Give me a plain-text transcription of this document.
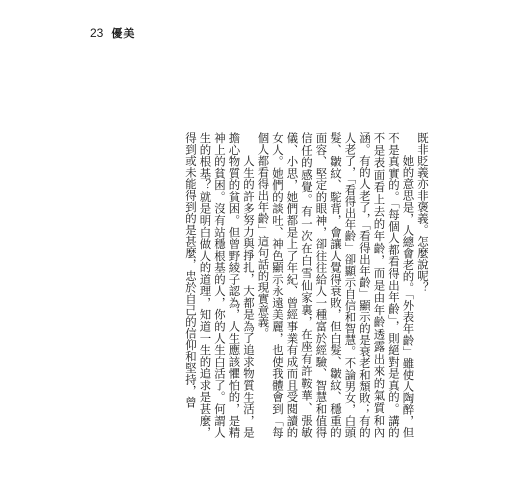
23 優美

既非貶義亦非褒義。怎麼說呢？

她的意思是，人總會老的。「外表年齡」雖使人陶醉，但不是真實的。「每個人都看得出年齡」，則絕對是真的。講的不是表面看上去的年齡，而是由年齡透露出來的氣質和內涵。有的人老了，「看得出年齡」顯示的是衰老和頹敗；有的人老了，「看得出年齡」卻顯示自信和智慧。不論男女，白頭髮、皺紋、駝背，會讓人覺得衰敗，但白髮、皺紋、穩重的面容、堅定的眼神，卻往往給人一種富於經驗、智慧和值得信任的感覺。有一次在白雪仙家裏，在座有許鞍華、張敏儀、小思，她們都是上了年紀、曾經事業有成而且受閱讀的女人。她們的談吐、神色顯示永遠美麗，也使我體會到「每個人都看得出年齡」這句話的現實意義。

人生的許多努力與掙扎，大都是為了追求物質生活，是擔心物質的貧困。但曾野綾子認為，人生應該懼怕的，是精神上的貧困。沒有站穩根基的人，你的人生白活了。何謂人生的根基？就是明白做人的道理，知道一生的追求是甚麼，得到或未能得到的是甚麼，忠於自己的信仰和堅持，曾
